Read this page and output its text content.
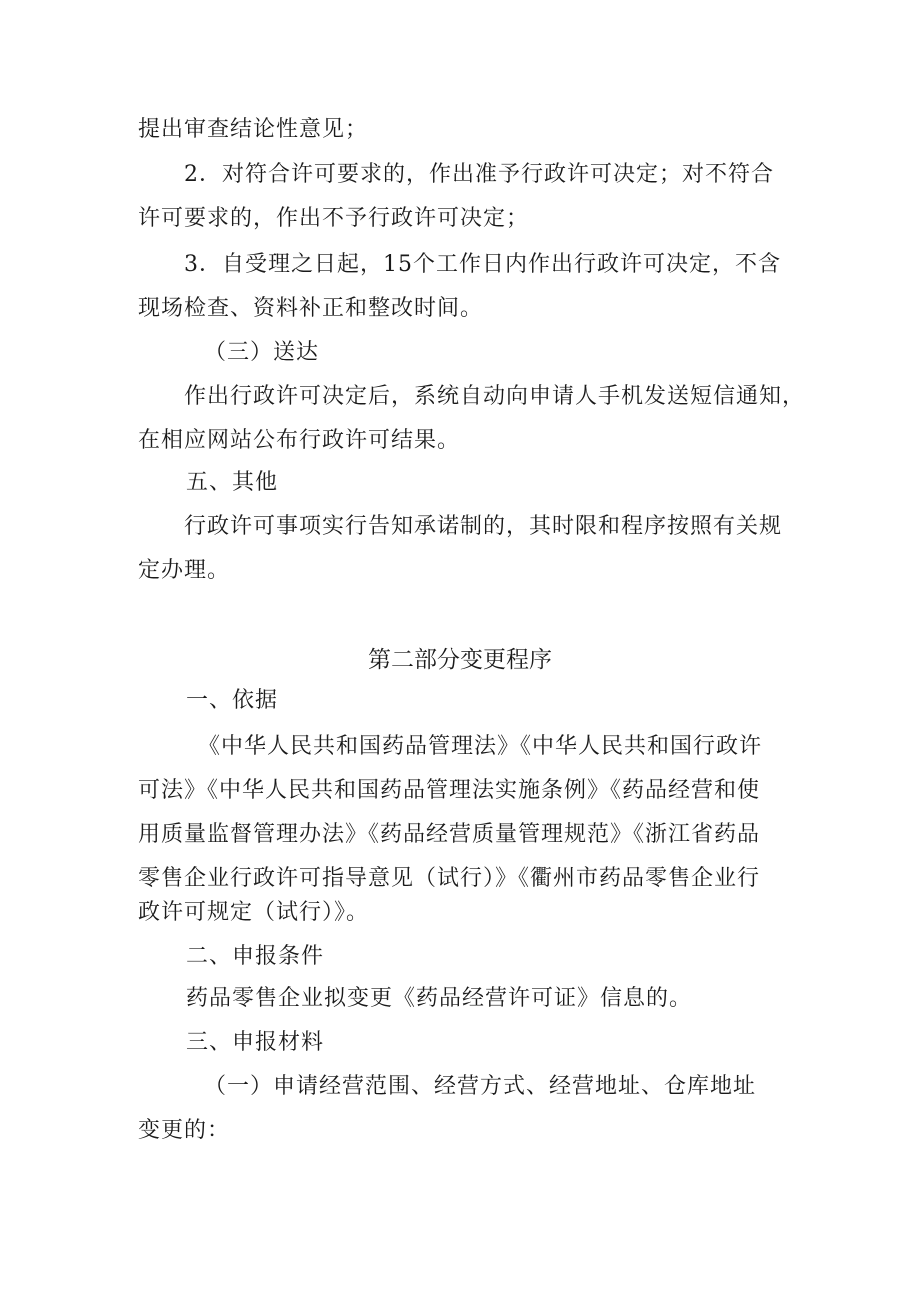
提出审查结论性意见；
2．对符合许可要求的，作出准予行政许可决定；对不符合
许可要求的，作出不予行政许可决定；
3．自受理之日起，15个工作日内作出行政许可决定，不含
现场检查、资料补正和整改时间。
（三）送达
作出行政许可决定后，系统自动向申请人手机发送短信通知，
在相应网站公布行政许可结果。
五、其他
行政许可事项实行告知承诺制的，其时限和程序按照有关规
定办理。
第二部分变更程序
一、依据
《中华人民共和国药品管理法》《中华人民共和国行政许
可法》《中华人民共和国药品管理法实施条例》《药品经营和使
用质量监督管理办法》《药品经营质量管理规范》《浙江省药品
零售企业行政许可指导意见（试行）》《衢州市药品零售企业行
政许可规定（试行）》。
二、申报条件
药品零售企业拟变更《药品经营许可证》信息的。
三、申报材料
（一）申请经营范围、经营方式、经营地址、仓库地址
变更的：
